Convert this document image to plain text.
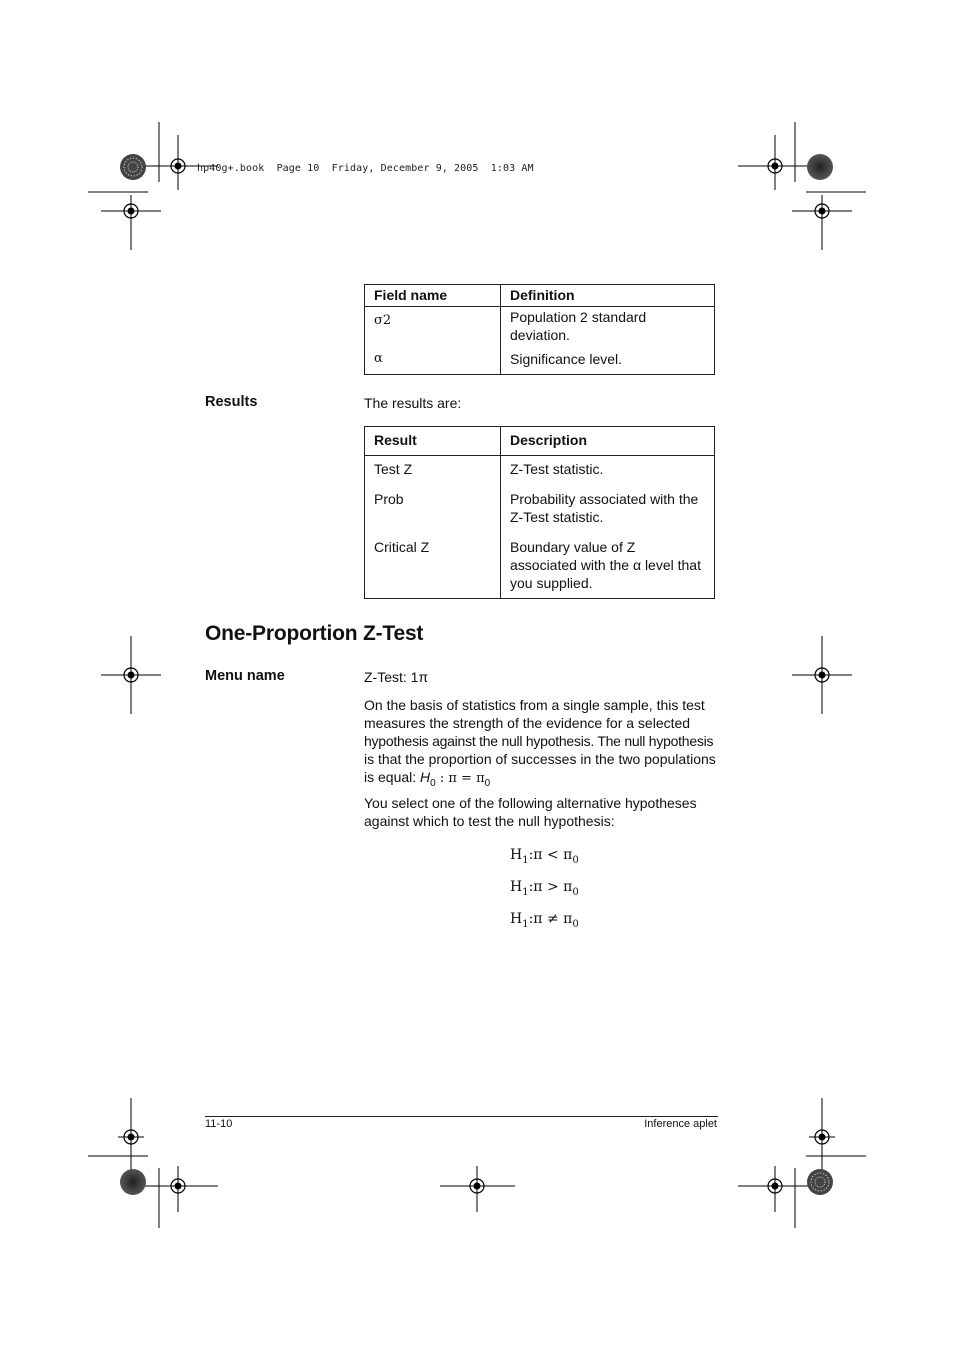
hp40g+.book  Page 10  Friday, December 9, 2005  1:03 AM
Field name	Definition

σ2	Population 2 standard
deviation.

α	Significance level.
Results	The results are:
Result	Description

Test Z	Z-Test statistic.

Prob	Probability associated with the
Z-Test statistic.

Critical Z	Boundary value of Z
associated with the α level that
you supplied.
One-Proportion Z-Test
Menu name	Z-Test: 1π
On the basis of statistics from a single sample, this test
measures the strength of the evidence for a selected
hypothesis against the null hypothesis. The null hypothesis
is that the proportion of successes in the two populations
is equal: $H_0$ : $\pi = \pi_0$
You select one of the following alternative hypotheses
against which to test the null hypothesis:
$H_1:\pi < \pi_0$
$H_1:\pi > \pi_0$
$H_1:\pi \ne \pi_0$
11-10	Inference aplet
